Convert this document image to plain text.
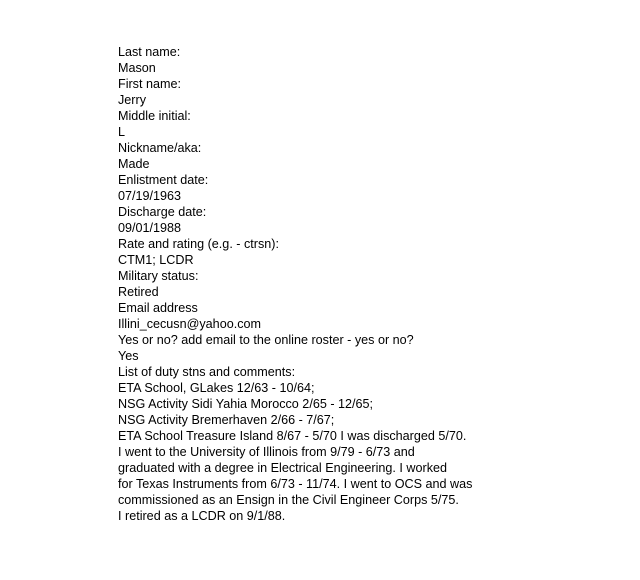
Last name:
Mason
First name:
Jerry
Middle initial:
L
Nickname/aka:
Made
Enlistment date:
07/19/1963
Discharge date:
09/01/1988
Rate and rating (e.g. - ctrsn):
CTM1; LCDR
Military status:
Retired
Email address
Illini_cecusn@yahoo.com
Yes or no? add email to the online roster - yes or no?
Yes
List of duty stns and comments:
ETA School, GLakes 12/63 - 10/64;
NSG Activity Sidi Yahia Morocco 2/65 - 12/65;
NSG Activity Bremerhaven 2/66 - 7/67;
ETA School Treasure Island 8/67 - 5/70 I was discharged 5/70.
I went to the University of Illinois from 9/79 - 6/73 and
graduated with a degree in Electrical Engineering. I worked
for Texas Instruments from 6/73 - 11/74. I went to OCS and was
commissioned as an Ensign in the Civil Engineer Corps 5/75.
I retired as a LCDR on 9/1/88.
